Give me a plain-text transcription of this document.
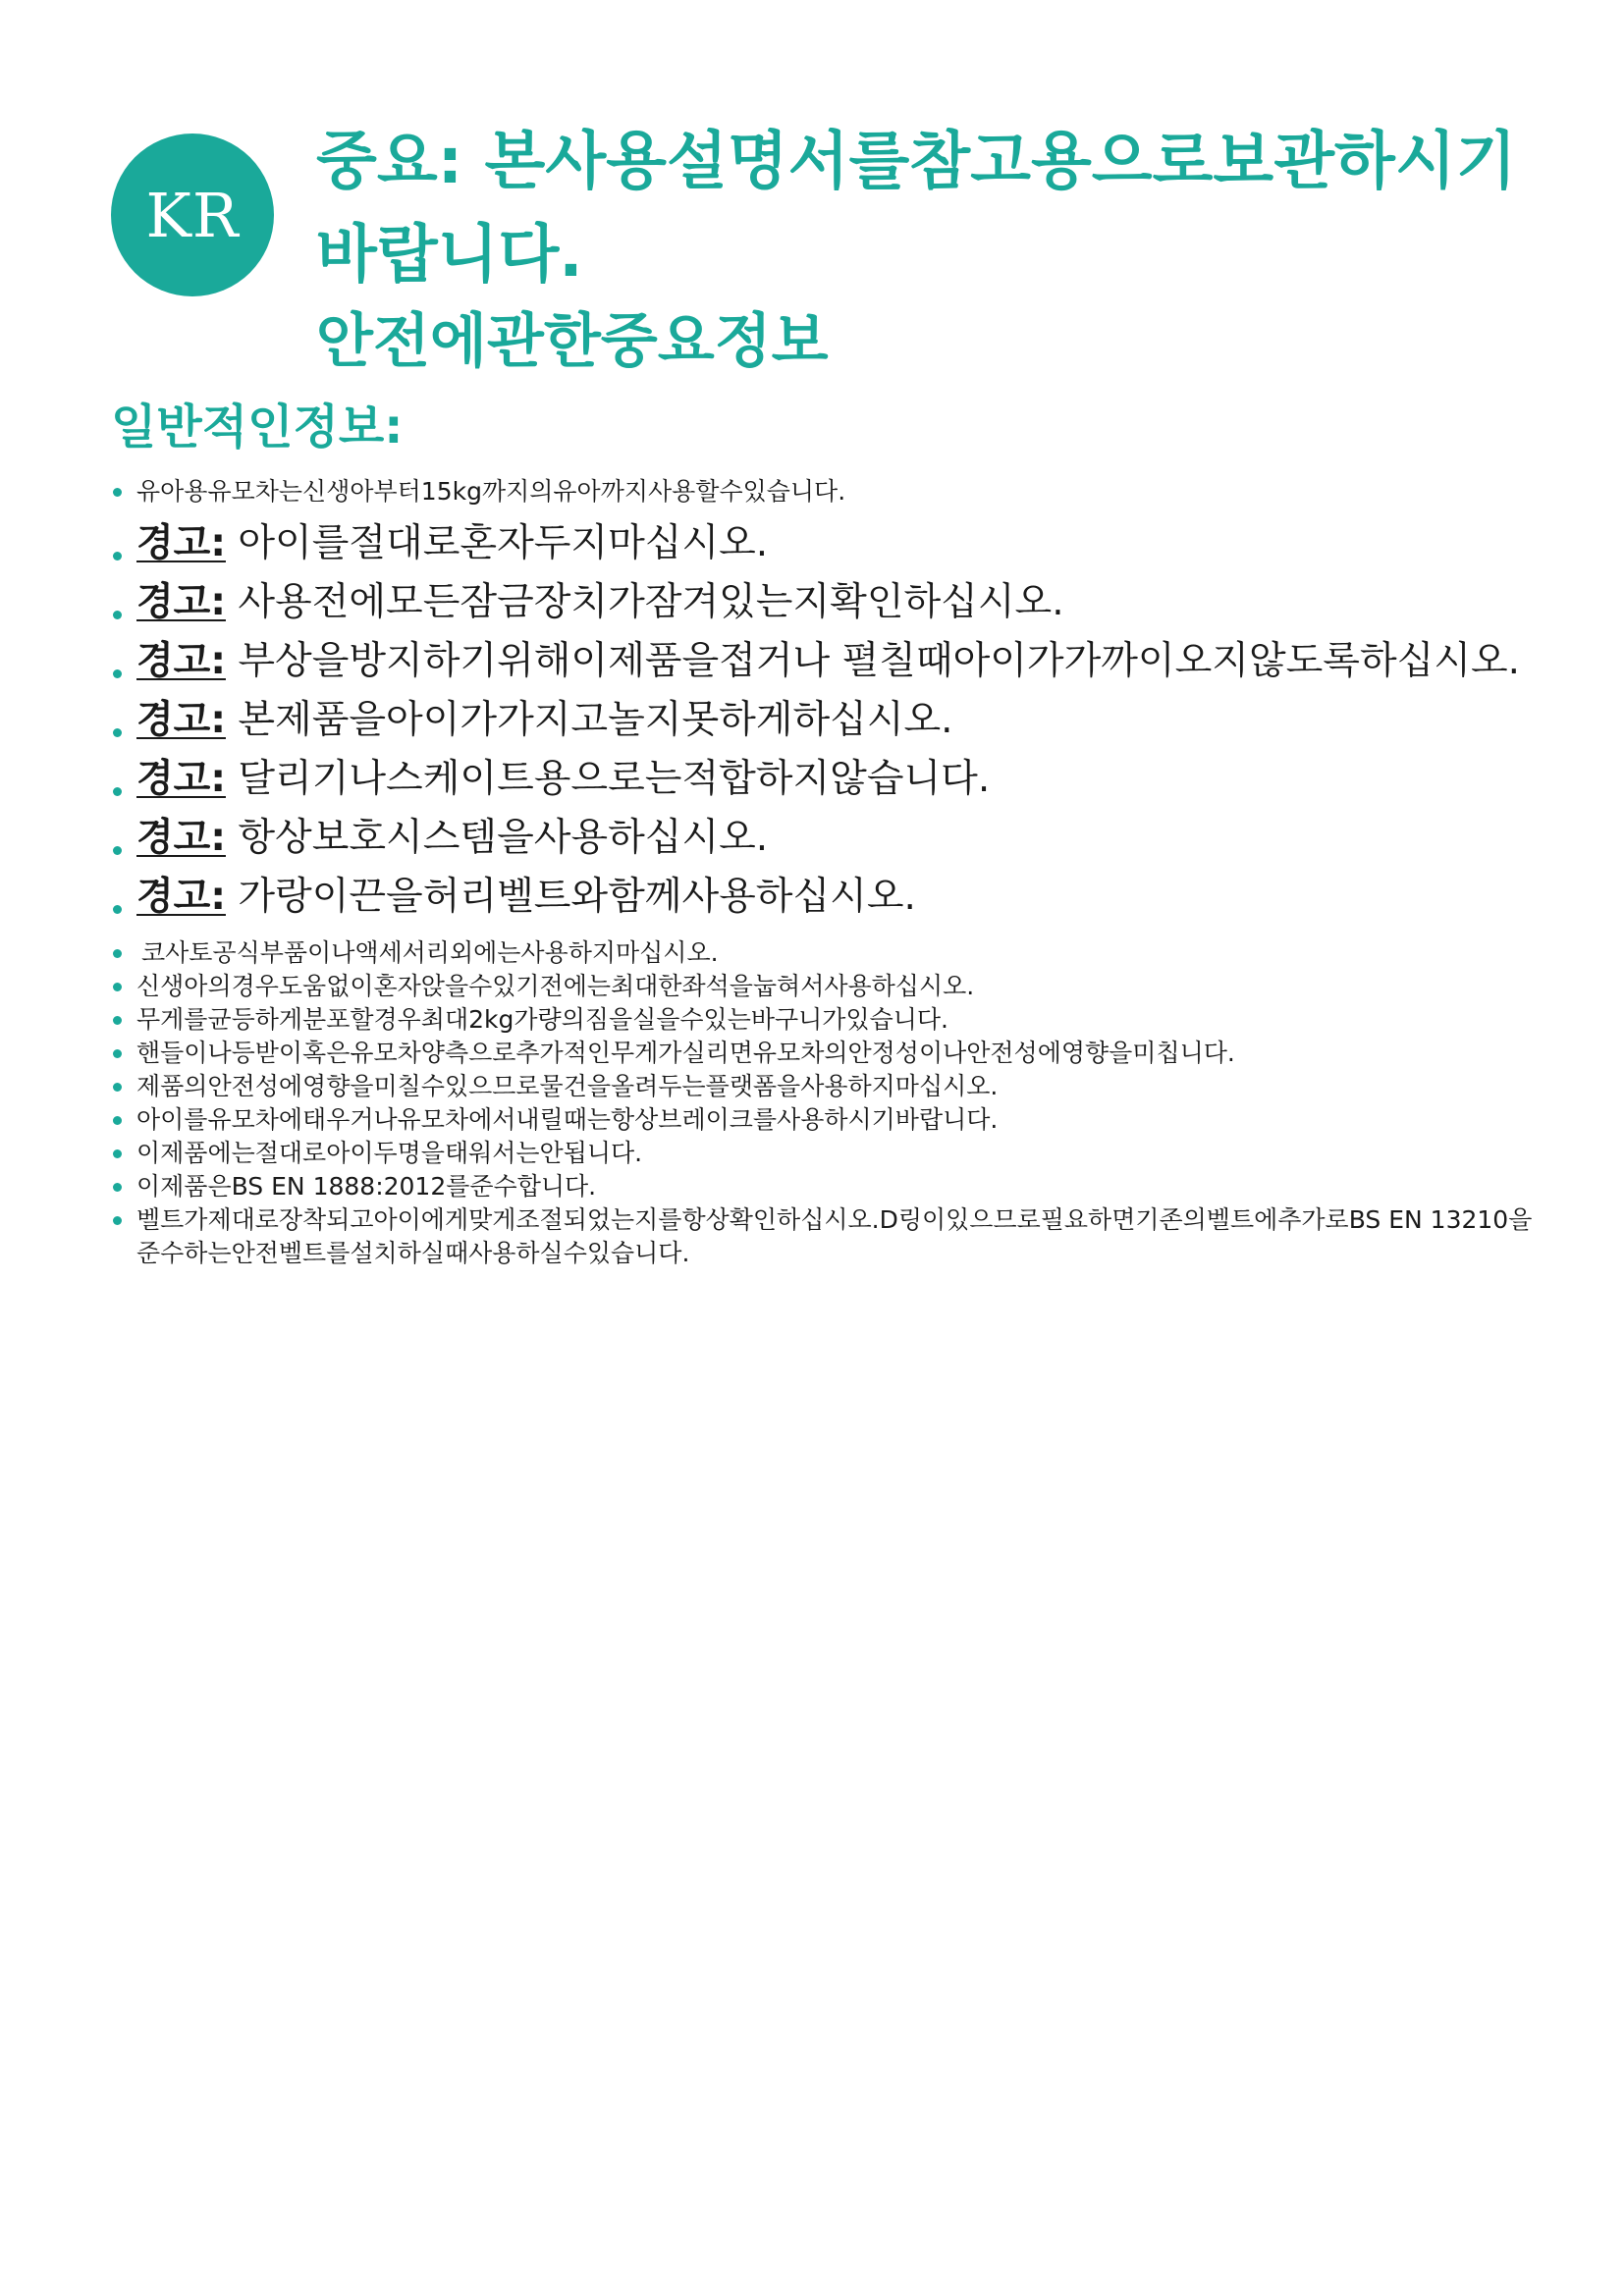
KR
중요: 본사용설명서를참고용으로보관하시기바랍니다.
안전에관한중요정보
일반적인정보:
유아용유모차는신생아부터15kg까지의유아까지사용할수있습니다.
경고: 아이를절대로혼자두지마십시오.
경고: 사용전에모든잠금장치가잠겨있는지확인하십시오.
경고: 부상을방지하기위해이제품을접거나 펼칠때아이가가까이오지않도록하십시오.
경고: 본제품을아이가가지고놀지못하게하십시오.
경고: 달리기나스케이트용으로는적합하지않습니다.
경고: 항상보호시스템을사용하십시오.
경고: 가랑이끈을허리벨트와함께사용하십시오.
코사토공식부품이나액세서리외에는사용하지마십시오.
신생아의경우도움없이혼자앉을수있기전에는최대한좌석을눕혀서사용하십시오.
무게를균등하게분포할경우최대2kg가량의짐을실을수있는바구니가있습니다.
핸들이나등받이혹은유모차양측으로추가적인무게가실리면유모차의안정성이나안전성에영향을미칩니다.
제품의안전성에영향을미칠수있으므로물건을올려두는플랫폼을사용하지마십시오.
아이를유모차에태우거나유모차에서내릴때는항상브레이크를사용하시기바랍니다.
이제품에는절대로아이두명을태워서는안됩니다.
이제품은BS EN 1888:2012를준수합니다.
벨트가제대로장착되고아이에게맞게조절되었는지를항상확인하십시오.D링이있으므로필요하면기존의벨트에추가로BS EN 13210을준수하는안전벨트를설치하실때사용하실수있습니다.
